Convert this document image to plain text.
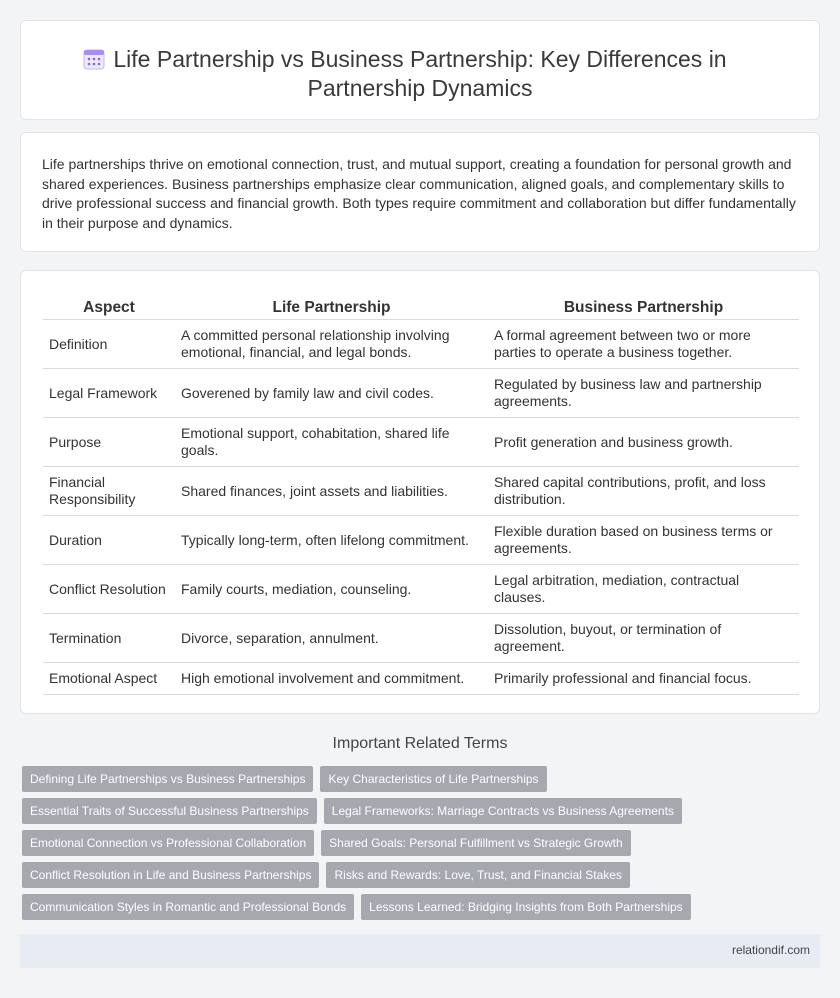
Life Partnership vs Business Partnership: Key Differences in
Partnership Dynamics

Life partnerships thrive on emotional connection, trust, and mutual support, creating a foundation for personal growth and shared experiences. Business partnerships emphasize clear communication, aligned goals, and complementary skills to drive professional success and financial growth. Both types require commitment and collaboration but differ fundamentally in their purpose and dynamics.

Aspect	Life Partnership	Business Partnership
Definition	A committed personal relationship involving emotional, financial, and legal bonds.	A formal agreement between two or more parties to operate a business together.
Legal Framework	Goverened by family law and civil codes.	Regulated by business law and partnership agreements.
Purpose	Emotional support, cohabitation, shared life goals.	Profit generation and business growth.
Financial Responsibility	Shared finances, joint assets and liabilities.	Shared capital contributions, profit, and loss distribution.
Duration	Typically long-term, often lifelong commitment.	Flexible duration based on business terms or agreements.
Conflict Resolution	Family courts, mediation, counseling.	Legal arbitration, mediation, contractual clauses.
Termination	Divorce, separation, annulment.	Dissolution, buyout, or termination of agreement.
Emotional Aspect	High emotional involvement and commitment.	Primarily professional and financial focus.
Important Related Terms
Defining Life Partnerships vs Business Partnerships	Key Characteristics of Life Partnerships
Essential Traits of Successful Business Partnerships	Legal Frameworks: Marriage Contracts vs Business Agreements
Emotional Connection vs Professional Collaboration	Shared Goals: Personal Fulfillment vs Strategic Growth
Conflict Resolution in Life and Business Partnerships	Risks and Rewards: Love, Trust, and Financial Stakes
Communication Styles in Romantic and Professional Bonds	Lessons Learned: Bridging Insights from Both Partnerships
relationdif.com
